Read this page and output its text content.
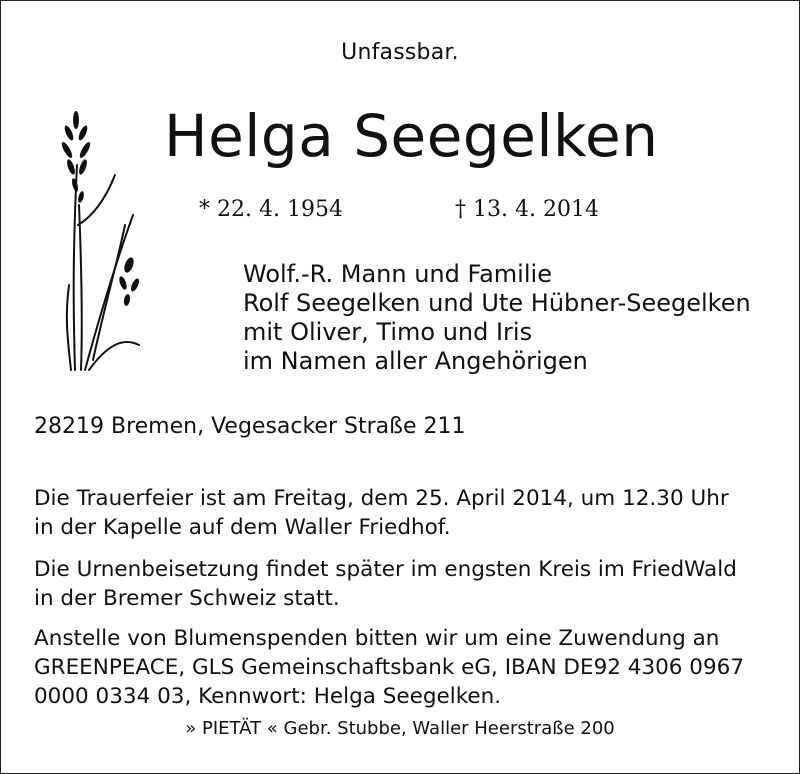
Unfassbar.
Helga Seegelken
* 22. 4. 1954	† 13. 4. 2014
Wolf.-R. Mann und Familie
Rolf Seegelken und Ute Hübner-Seegelken
mit Oliver, Timo und Iris
im Namen aller Angehörigen
28219 Bremen, Vegesacker Straße 211
Die Trauerfeier ist am Freitag, dem 25. April 2014, um 12.30 Uhr
in der Kapelle auf dem Waller Friedhof.
Die Urnenbeisetzung findet später im engsten Kreis im FriedWald
in der Bremer Schweiz statt.
Anstelle von Blumenspenden bitten wir um eine Zuwendung an
GREENPEACE, GLS Gemeinschaftsbank eG, IBAN DE92 4306 0967
0000 0334 03, Kennwort: Helga Seegelken.
» PIETÄT « Gebr. Stubbe, Waller Heerstraße 200
